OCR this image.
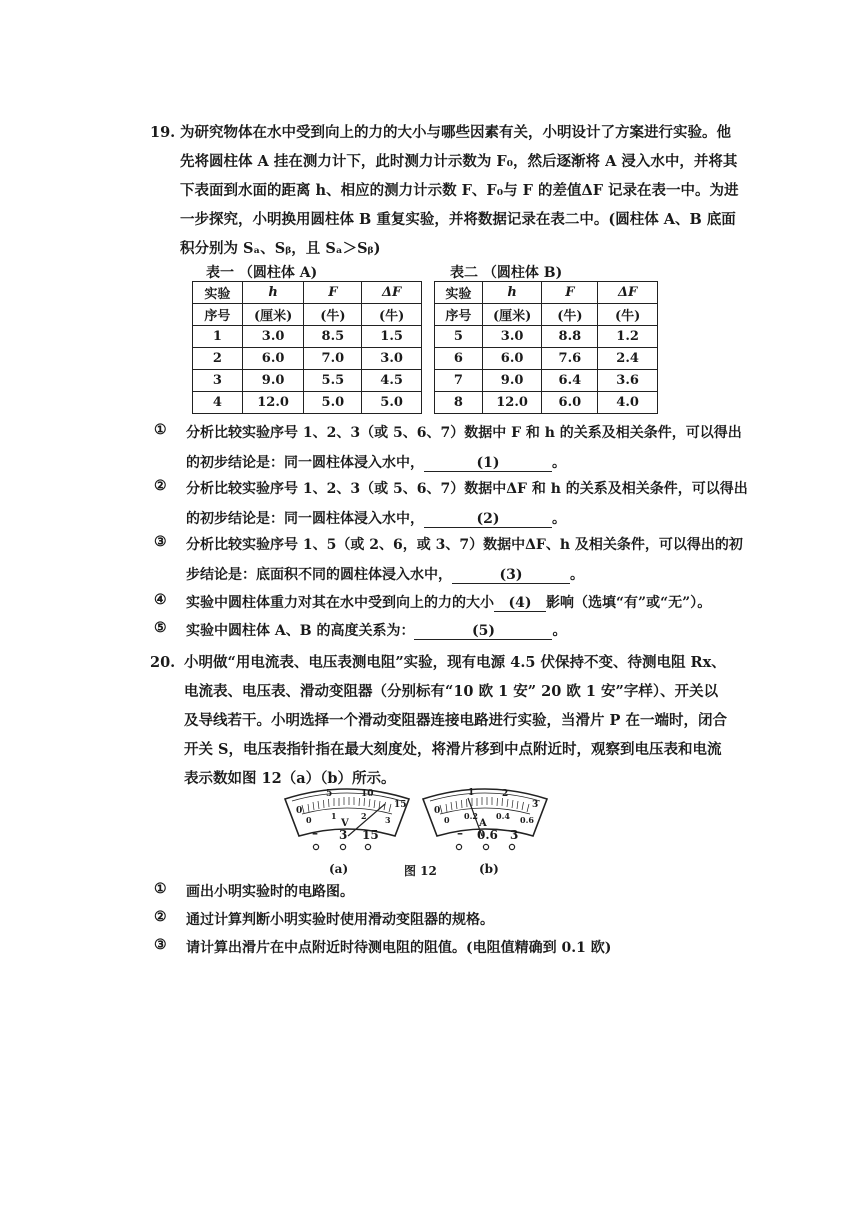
19. 为研究物体在水中受到向上的力的大小与哪些因素有关，小明设计了方案进行实验。他
先将圆柱体 A 挂在测力计下，此时测力计示数为 F₀，然后逐渐将 A 浸入水中，并将其
下表面到水面的距离 h、相应的测力计示数 F、F₀与 F 的差值ΔF 记录在表一中。为进
一步探究，小明换用圆柱体 B 重复实验，并将数据记录在表二中。(圆柱体 A、B 底面
积分别为 Sₐ、Sᵦ，且 Sₐ＞Sᵦ)
表一 （圆柱体 A)
实验	h	F	ΔF
序号	(厘米)	(牛)	(牛)
1	3.0	8.5	1.5
2	6.0	7.0	3.0
3	9.0	5.5	4.5
4	12.0	5.0	5.0
表二 （圆柱体 B)
实验	h	F	ΔF
序号	(厘米)	(牛)	(牛)
5	3.0	8.8	1.2
6	6.0	7.6	2.4
7	9.0	6.4	3.6
8	12.0	6.0	4.0
① 分析比较实验序号 1、2、3（或 5、6、7）数据中 F 和 h 的关系及相关条件，可以得出
的初步结论是：同一圆柱体浸入水中，	(1)	。
② 分析比较实验序号 1、2、3（或 5、6、7）数据中ΔF 和 h 的关系及相关条件，可以得出
的初步结论是：同一圆柱体浸入水中，	(2)	。
③ 分析比较实验序号 1、5（或 2、6，或 3、7）数据中ΔF、h 及相关条件，可以得出的初
步结论是：底面积不同的圆柱体浸入水中，	(3)	。
④ 实验中圆柱体重力对其在水中受到向上的力的大小 (4) 影响（选填“有”或“无”）。
⑤ 实验中圆柱体 A、B 的高度关系为：	(5)	。
20. 小明做“用电流表、电压表测电阻”实验，现有电源 4.5 伏保持不变、待测电阻 Rx、
电流表、电压表、滑动变阻器（分别标有“10 欧 1 安” 20 欧 1 安”字样）、开关以
及导线若干。小明选择一个滑动变阻器连接电路进行实验，当滑片 P 在一端时，闭合
开关 S，电压表指针指在最大刻度处，将滑片移到中点附近时，观察到电压表和电流
表示数如图 12（a）（b）所示。
0
5	10
15
0 1	2 3
V
– 3 15
(a)
0
1	2
3
0 0.2 0.4 0.6
A
– 0.6 3
(b)
图 12
① 画出小明实验时的电路图。
② 通过计算判断小明实验时使用滑动变阻器的规格。
③ 请计算出滑片在中点附近时待测电阻的阻值。(电阻值精确到 0.1 欧)
